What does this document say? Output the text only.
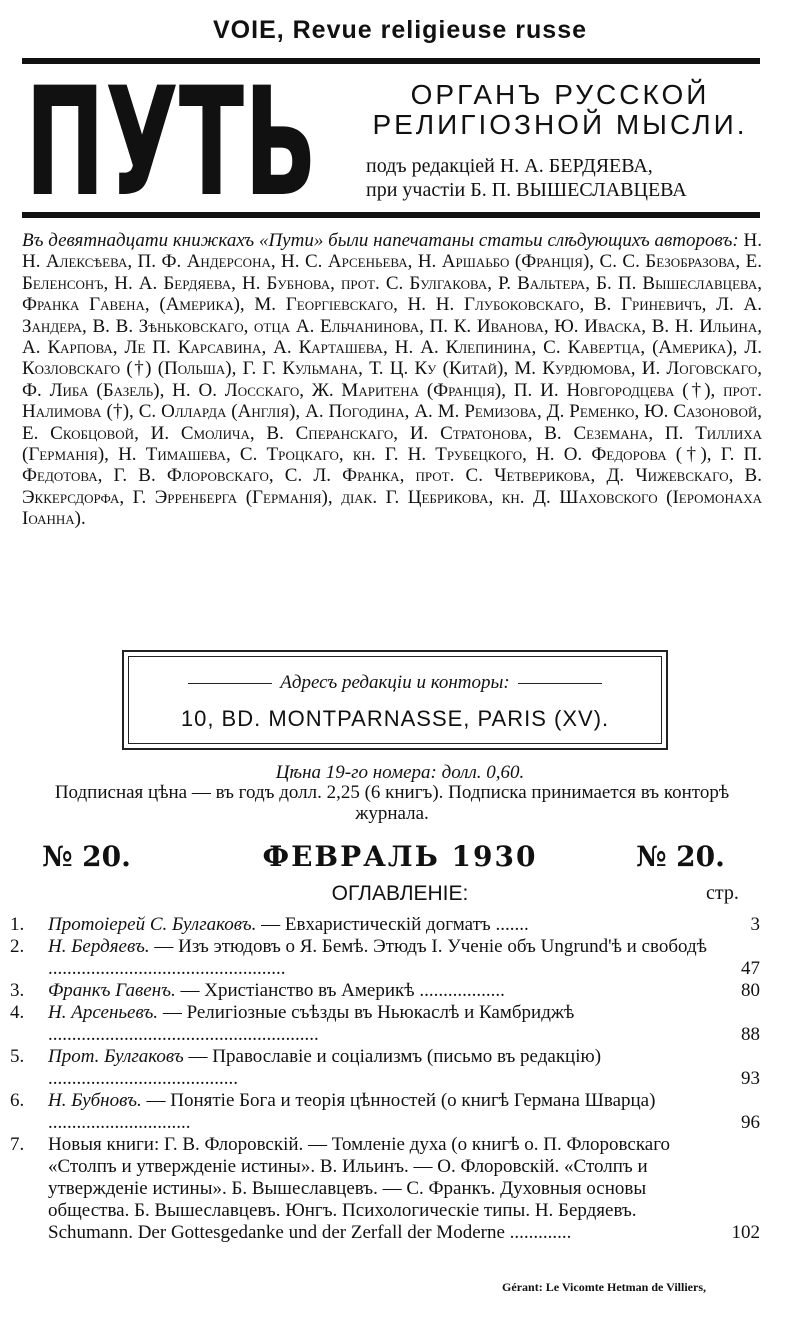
VOIE, Revue religieuse russe
ПУТЬ	ОРГАНЪ РУССКОЙ
РЕЛИГІОЗНОЙ МЫСЛИ.
подъ редакціей Н. А. БЕРДЯЕВА,
при участіи Б. П. ВЫШЕСЛАВЦЕВА
Въ девятнадцати книжкахъ «Пути» были напечатаны статьи слѣдующихъ авторовъ: Н. Н. Алексѣева, П. Ф. Андерсона, Н. С. Арсеньева, Н. Аршаьбо (Францiя), С. С. Безобразова, Е. Беленсонъ, Н. А. Бердяева, Н. Бубнова, прот. С. Булгакова, Р. Вальтера, Б. П. Вышеславцева, Франка Гавена, (Америка), М. Георгiевскаго, Н. Н. Глубоковскаго, В. Гриневичъ, Л. А. Зандера, В. В. Зѣньковскаго, отца А. Ельчанинова, П. К. Иванова, Ю. Иваска, В. Н. Ильина, А. Карпова, Ле П. Карсавина, А. Карташева, Н. А. Клепинина, С. Кавертца, (Америка), Л. Козловскаго (†) (Польша), Г. Г. Кульмана, Т. Ц. Ку (Китай), М. Курдюмова, И. Логовскаго, Ф. Либа (Базель), Н. О. Лосскаго, Ж. Маритена (Францiя), П. И. Новгородцева (†), прот. Налимова (†), С. Олларда (Англiя), А. Погодина, А. М. Ремизова, Д. Ременко, Ю. Сазоновой, Е. Скобцовой, И. Смолича, В. Сперанскаго, И. Стратонова, В. Сеземана, П. Тиллиха (Германiя), Н. Тимашева, С. Троцкаго, кн. Г. Н. Трубецкого, Н. О. Федорова (†), Г. П. Федотова, Г. В. Флоровскаго, С. Л. Франка, прот. С. Четверикова, Д. Чижевскаго, В. Эккерсдорфа, Г. Эрренберга (Германiя), дiак. Г. Цебрикова, кн. Д. Шаховского (Iеромонаха Iоанна).
Адресъ редакціи и конторы:
10, BD. MONTPARNASSE, PARIS (XV).
Цѣна 19-го номера: долл. 0,60.
Подписная цѣна — въ годъ долл. 2,25 (6 книгъ). Подписка принимается въ конторѣ журнала.
№ 20.	ФЕВРАЛЬ 1930	№ 20.
ОГЛАВЛЕНІЕ:	стр.
1.	Протоіерей С. Булгаковъ. — Евхаристическій догматъ .......	3
2.	Н. Бердяевъ. — Изъ этюдовъ о Я. Бемѣ. Этюдъ I. Ученіе объ Ungrund'ѣ и свободѣ ..................................................	47
3.	Франкъ Гавенъ. — Христіанство въ Америкѣ ..................	80
4.	Н. Арсеньевъ. — Религіозные съѣзды въ Ньюкаслѣ и Камбриджѣ .........................................................	88
5.	Прот. Булгаковъ — Православіе и соціализмъ (письмо въ редакцію) ........................................	93
6.	Н. Бубновъ. — Понятіе Бога и теорія цѣнностей (о книгѣ Германа Шварца) ..............................	96
7.	Новыя книги: Г. В. Флоровскій. — Томленіе духа (о книгѣ о. П. Флоровскаго «Столпъ и утвержденіе истины». В. Ильинъ. — О. Флоровскій. «Столпъ и утвержденіе истины». Б. Вышеславцевъ. — С. Франкъ. Духовныя основы общества. Б. Вышеславцевъ. Юнгъ. Психологическіе типы. Н. Бердяевъ. Schumann. Der Gottesgedanke und der Zerfall der Moderne .............	102
Gérant: Le Vicomte Hetman de Villiers,
